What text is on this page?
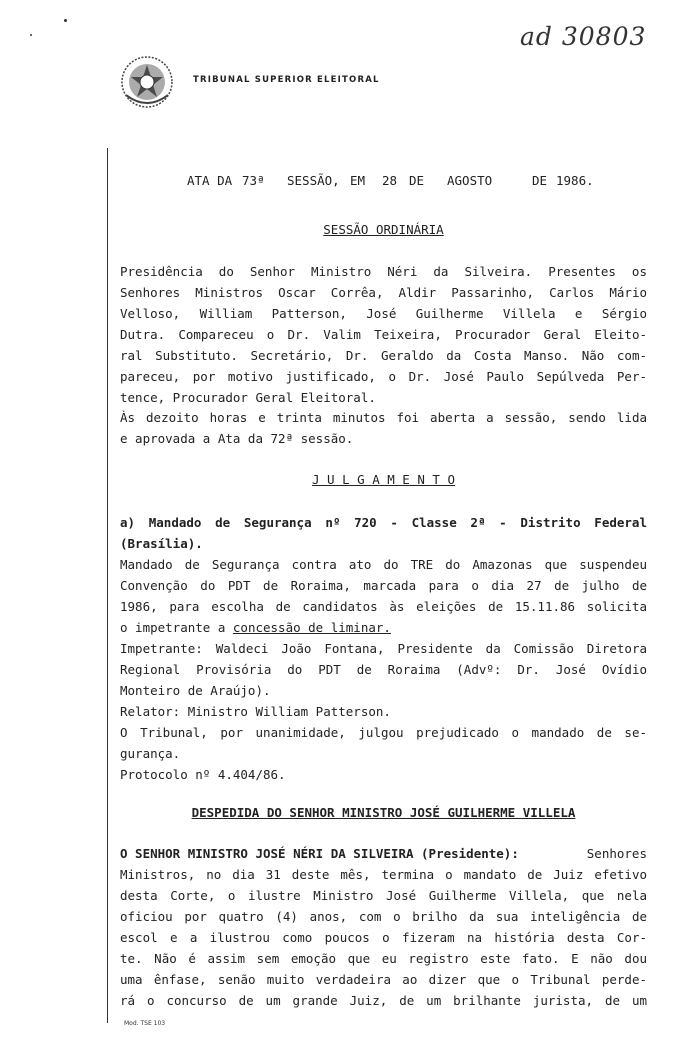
ad 30803
TRIBUNAL SUPERIOR ELEITORAL
ATA DA 73ª SESSÃO, EM 28 DE AGOSTO	DE 1986.
SESSÃO ORDINÁRIA
Presidência do Senhor Ministro Néri da Silveira. Presentes os
Senhores Ministros Oscar Corrêa, Aldir Passarinho, Carlos Mário
Velloso, William Patterson, José Guilherme Villela e Sérgio
Dutra. Compareceu o Dr. Valim Teixeira, Procurador Geral Eleito-
ral Substituto. Secretário, Dr. Geraldo da Costa Manso. Não com-
pareceu, por motivo justificado, o Dr. José Paulo Sepúlveda Per-
tence, Procurador Geral Eleitoral.
Às dezoito horas e trinta minutos foi aberta a sessão, sendo lida
e aprovada a Ata da 72ª sessão.
J U L G A M E N T O
a) Mandado de Segurança nº 720 - Classe 2ª - Distrito Federal
(Brasília).
Mandado de Segurança contra ato do TRE do Amazonas que suspendeu
Convenção do PDT de Roraima, marcada para o dia 27 de julho de
1986, para escolha de candidatos às eleições de 15.11.86 solicita
o impetrante a concessão de liminar.
Impetrante: Waldeci João Fontana, Presidente da Comissão Diretora
Regional Provisória do PDT de Roraima (Advº: Dr. José Ovídio
Monteiro de Araújo).
Relator: Ministro William Patterson.
O Tribunal, por unanimidade, julgou prejudicado o mandado de se-
gurança.
Protocolo nº 4.404/86.
DESPEDIDA DO SENHOR MINISTRO JOSÉ GUILHERME VILLELA
O SENHOR MINISTRO JOSÉ NÉRI DA SILVEIRA (Presidente):	Senhores
Ministros, no dia 31 deste mês, termina o mandato de Juiz efetivo
desta Corte, o ilustre Ministro José Guilherme Villela, que nela
oficiou por quatro (4) anos, com o brilho da sua inteligência de
escol e a ilustrou como poucos o fizeram na história desta Cor-
te. Não é assim sem emoção que eu registro este fato. E não dou
uma ênfase, senão muito verdadeira ao dizer que o Tribunal perde-
rá o concurso de um grande Juiz, de um brilhante jurista, de um
Mod. TSE 103
